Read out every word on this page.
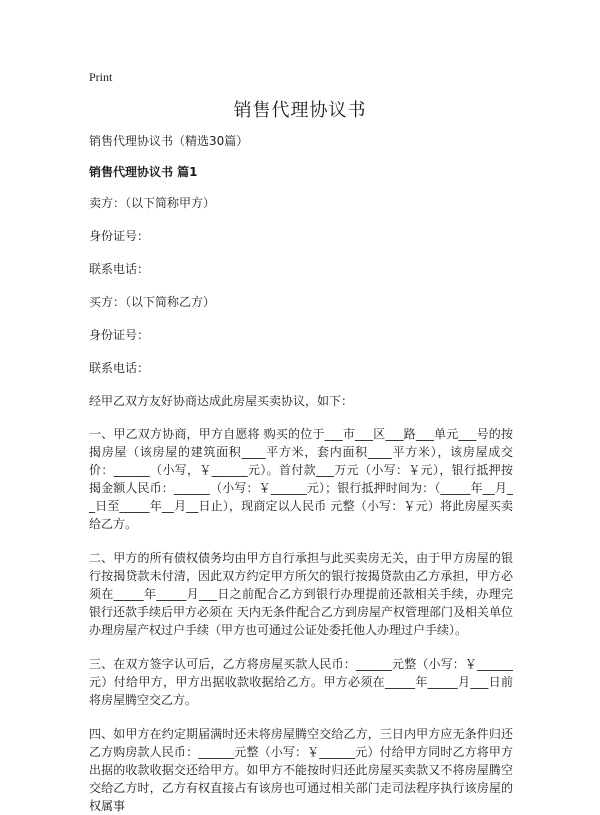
Print
销售代理协议书

销售代理协议书（精选30篇）

销售代理协议书 篇1

卖方：（以下简称甲方）

身份证号：

联系电话：

买方：（以下简称乙方）

身份证号：

联系电话：

经甲乙双方友好协商达成此房屋买卖协议，如下：

一、甲乙双方协商，甲方自愿将 购买的位于___市___区___路___单元___号的按揭房屋（该房屋的建筑面积____平方米，套内面积____平方米），该房屋成交价：______（小写，￥______元）。首付款___万元（小写：￥元），银行抵押按揭金额人民币：______（小写：￥______元）；银行抵押时间为：（_____年__月__日至_____年__月__日止），现商定以人民币 元整（小写：￥元）将此房屋买卖给乙方。

二、甲方的所有债权债务均由甲方自行承担与此买卖房无关，由于甲方房屋的银行按揭贷款未付清，因此双方约定甲方所欠的银行按揭贷款由乙方承担，甲方必须在_____年_____月___日之前配合乙方到银行办理提前还款相关手续，办理完银行还款手续后甲方必须在 天内无条件配合乙方到房屋产权管理部门及相关单位办理房屋产权过户手续（甲方也可通过公证处委托他人办理过户手续）。

三、在双方签字认可后，乙方将房屋买款人民币：______元整（小写：￥______元）付给甲方，甲方出据收款收据给乙方。甲方必须在_____年_____月___日前将房屋腾空交乙方。

四、如甲方在约定期届满时还未将房屋腾空交给乙方，三日内甲方应无条件归还乙方购房款人民币：______元整（小写：￥______元）付给甲方同时乙方将甲方出据的收款收据交还给甲方。如甲方不能按时归还此房屋买卖款又不将房屋腾空交给乙方时，乙方有权直接占有该房也可通过相关部门走司法程序执行该房屋的权属事
